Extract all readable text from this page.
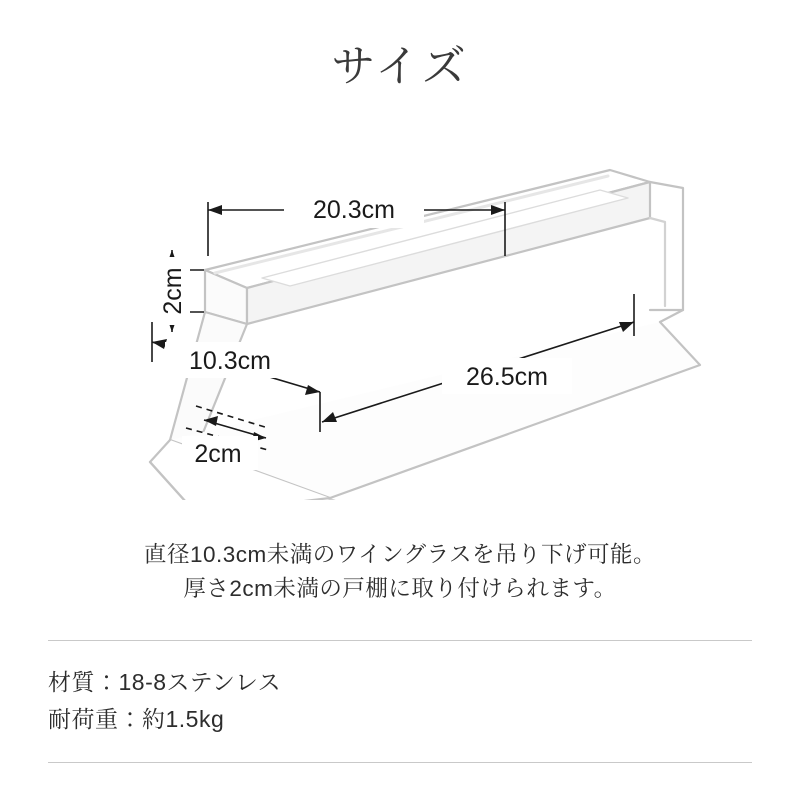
サイズ
20.3cm
2cm
10.3cm
2cm
26.5cm
直径10.3cm未満のワイングラスを吊り下げ可能。
厚さ2cm未満の戸棚に取り付けられます。
材質：18-8ステンレス
耐荷重：約1.5kg
